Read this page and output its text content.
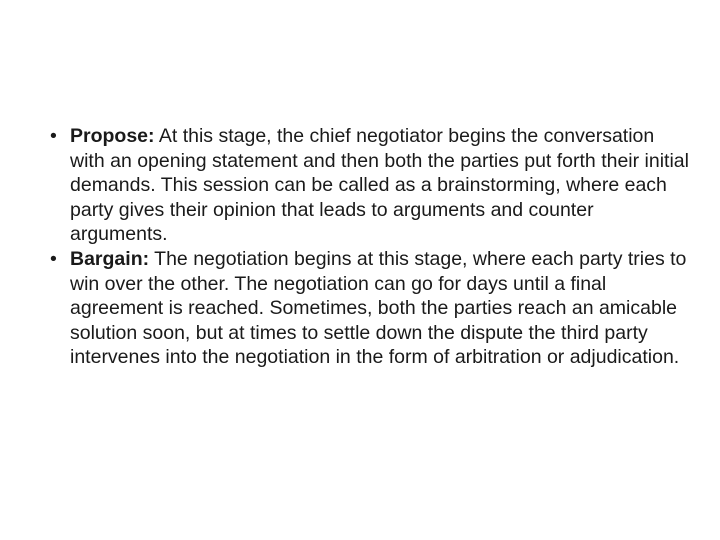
• Propose: At this stage, the chief negotiator begins the conversation with an opening statement and then both the parties put forth their initial demands. This session can be called as a brainstorming, where each party gives their opinion that leads to arguments and counter arguments.
• Bargain: The negotiation begins at this stage, where each party tries to win over the other. The negotiation can go for days until a final agreement is reached. Sometimes, both the parties reach an amicable solution soon, but at times to settle down the dispute the third party intervenes into the negotiation in the form of arbitration or adjudication.
